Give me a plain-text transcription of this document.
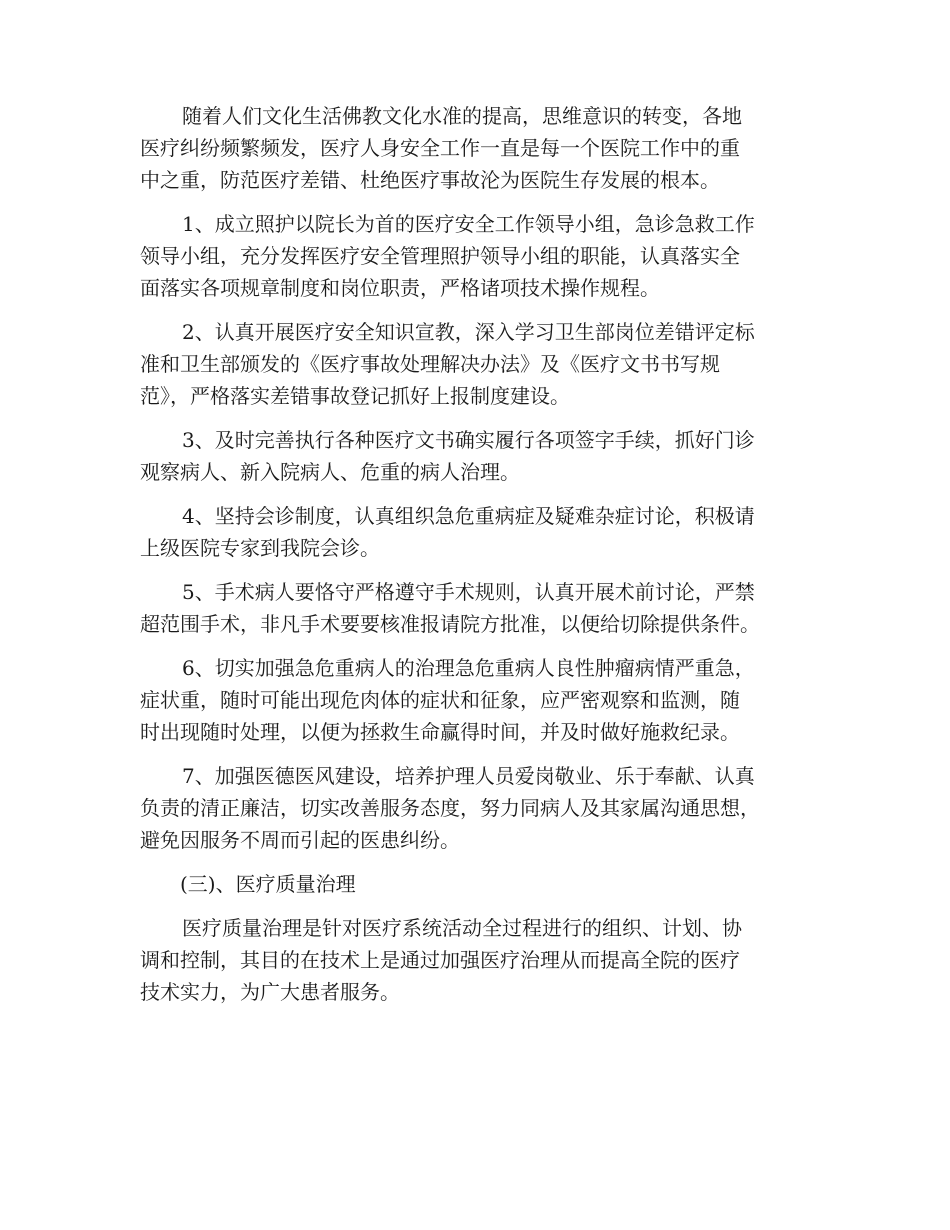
随着人们文化生活佛教文化水准的提高，思维意识的转变，各地
医疗纠纷频繁频发，医疗人身安全工作一直是每一个医院工作中的重
中之重，防范医疗差错、杜绝医疗事故沦为医院生存发展的根本。
1、成立照护以院长为首的医疗安全工作领导小组，急诊急救工作
领导小组，充分发挥医疗安全管理照护领导小组的职能，认真落实全
面落实各项规章制度和岗位职责，严格诸项技术操作规程。
2、认真开展医疗安全知识宣教，深入学习卫生部岗位差错评定标
准和卫生部颁发的《医疗事故处理解决办法》及《医疗文书书写规
范》，严格落实差错事故登记抓好上报制度建设。
3、及时完善执行各种医疗文书确实履行各项签字手续，抓好门诊
观察病人、新入院病人、危重的病人治理。
4、坚持会诊制度，认真组织急危重病症及疑难杂症讨论，积极请
上级医院专家到我院会诊。
5、手术病人要恪守严格遵守手术规则，认真开展术前讨论，严禁
超范围手术，非凡手术要要核准报请院方批准，以便给切除提供条件。
6、切实加强急危重病人的治理急危重病人良性肿瘤病情严重急，
症状重，随时可能出现危肉体的症状和征象，应严密观察和监测，随
时出现随时处理，以便为拯救生命赢得时间，并及时做好施救纪录。
7、加强医德医风建设，培养护理人员爱岗敬业、乐于奉献、认真
负责的清正廉洁，切实改善服务态度，努力同病人及其家属沟通思想，
避免因服务不周而引起的医患纠纷。
(三)、医疗质量治理
医疗质量治理是针对医疗系统活动全过程进行的组织、计划、协
调和控制，其目的在技术上是通过加强医疗治理从而提高全院的医疗
技术实力，为广大患者服务。
